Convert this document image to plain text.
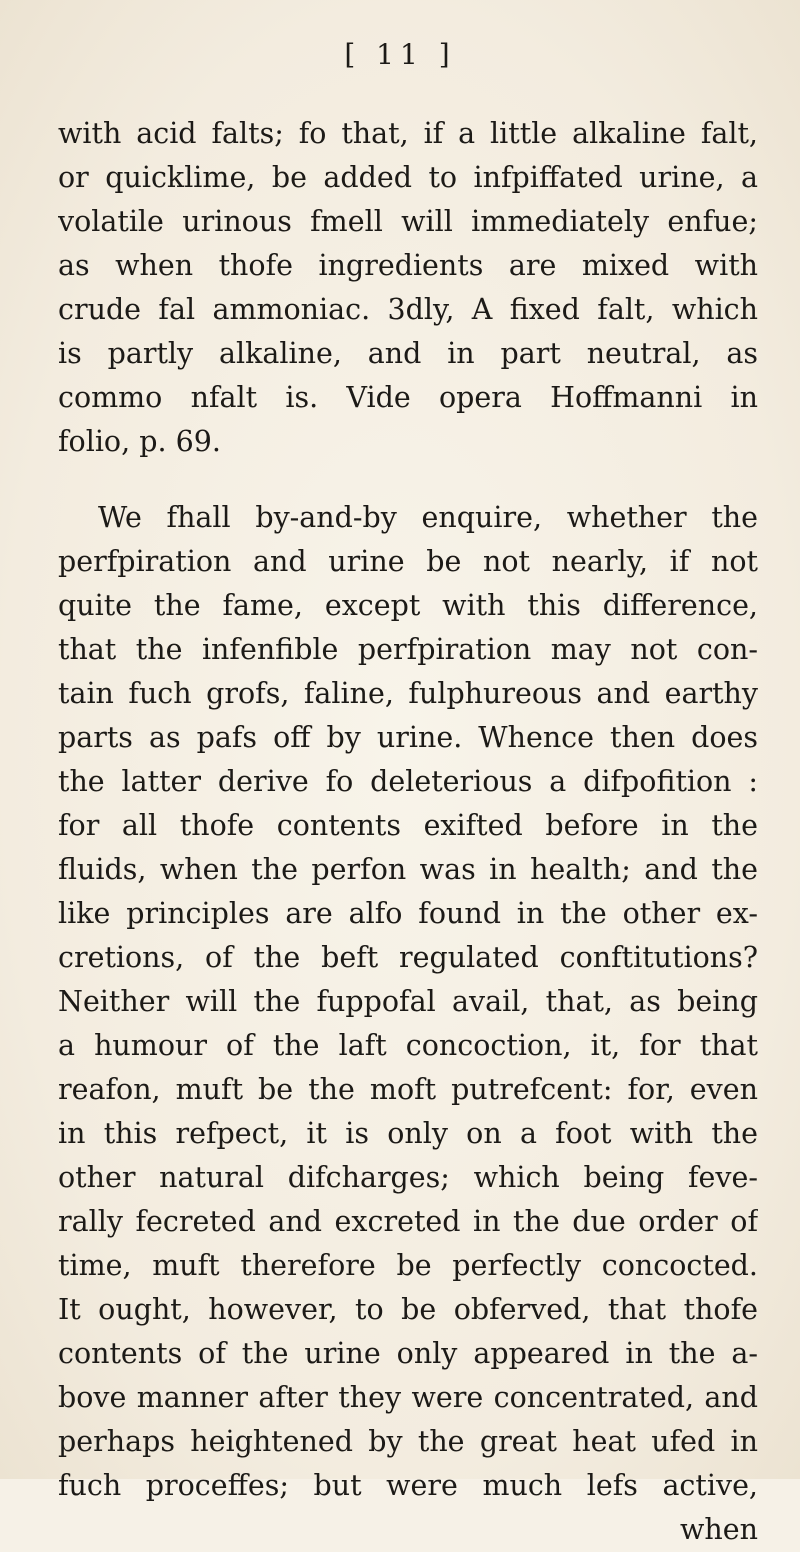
[ 11 ]
with acid falts; fo that, if a little alkaline falt,
or quicklime, be added to infpiffated urine, a
volatile urinous fmell will immediately enfue;
as when thofe ingredients are mixed with
crude fal ammoniac. 3dly, A fixed falt, which
is partly alkaline, and in part neutral, as
commo nfalt is. Vide opera Hoffmanni in
folio, p. 69.
We fhall by-and-by enquire, whether the
perfpiration and urine be not nearly, if not
quite the fame, except with this difference,
that the infenfible perfpiration may not con-
tain fuch grofs, faline, fulphureous and earthy
parts as pafs off by urine. Whence then does
the latter derive fo deleterious a difpofition :
for all thofe contents exifted before in the
fluids, when the perfon was in health; and the
like principles are alfo found in the other ex-
cretions, of the beft regulated conftitutions?
Neither will the fuppofal avail, that, as being
a humour of the laft concoction, it, for that
reafon, muft be the moft putrefcent: for, even
in this refpect, it is only on a foot with the
other natural difcharges; which being feve-
rally fecreted and excreted in the due order of
time, muft therefore be perfectly concocted.
It ought, however, to be obferved, that thofe
contents of the urine only appeared in the a-
bove manner after they were concentrated, and
perhaps heightened by the great heat ufed in
fuch proceffes; but were much lefs active,
when
